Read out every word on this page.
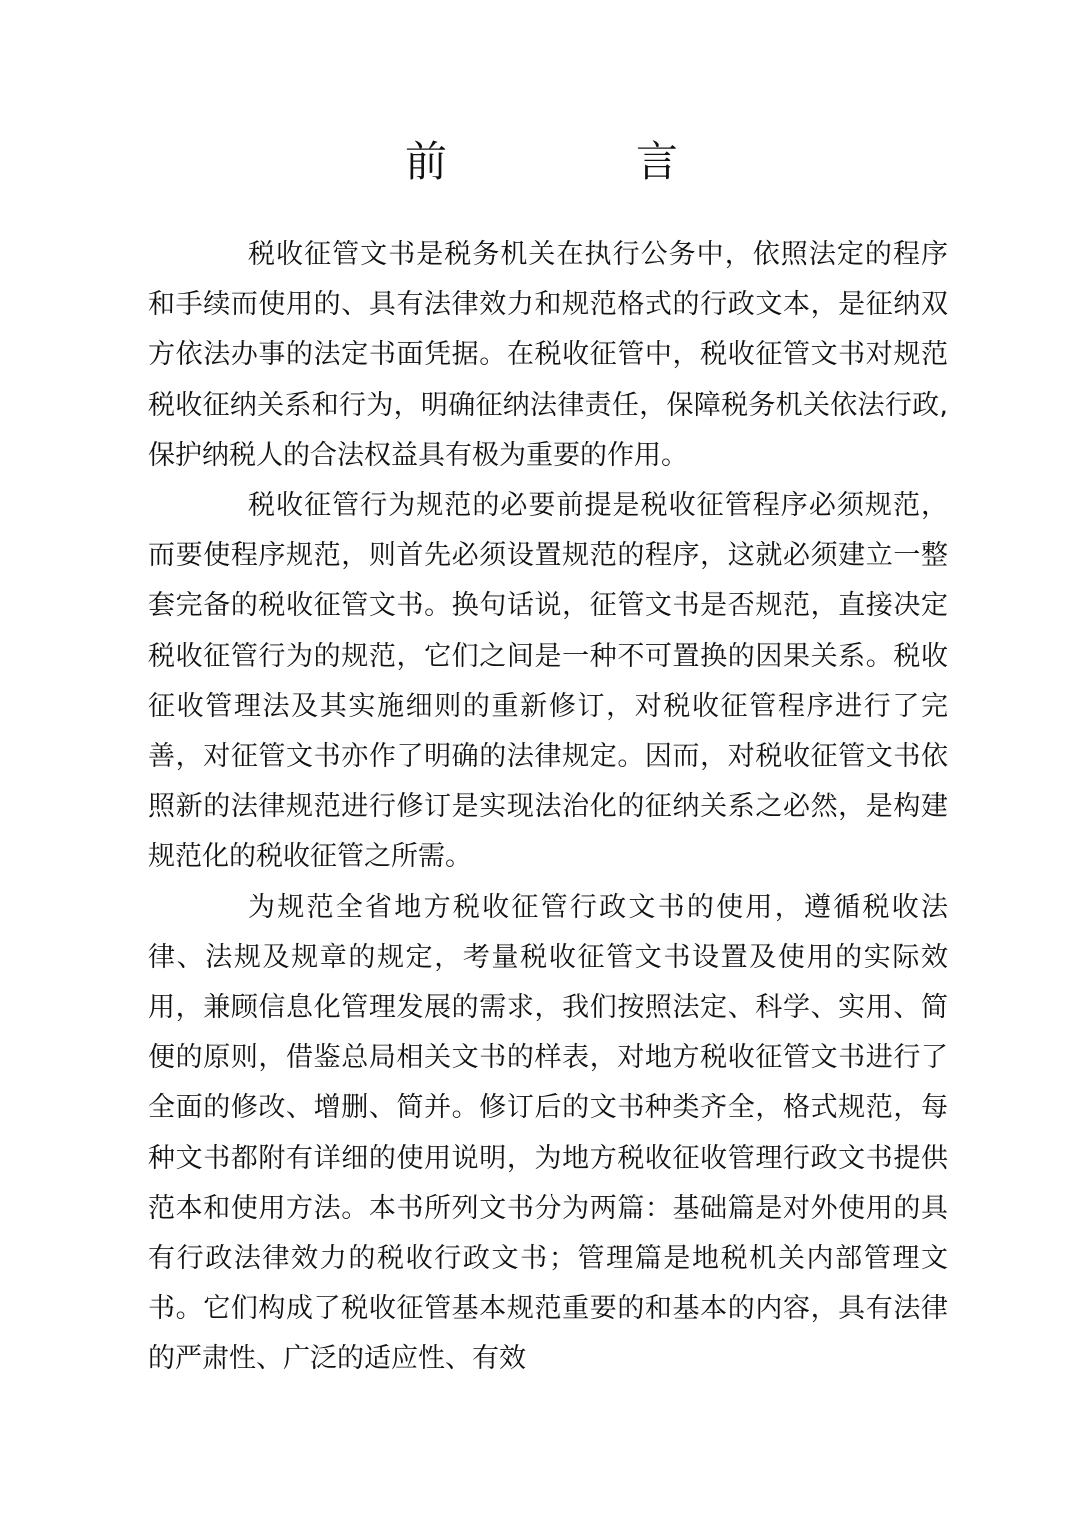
前	言

税收征管文书是税务机关在执行公务中，依照法定的程序和手续而使用的、具有法律效力和规范格式的行政文本，是征纳双方依法办事的法定书面凭据。在税收征管中，税收征管文书对规范税收征纳关系和行为，明确征纳法律责任，保障税务机关依法行政,保护纳税人的合法权益具有极为重要的作用。

税收征管行为规范的必要前提是税收征管程序必须规范，而要使程序规范，则首先必须设置规范的程序，这就必须建立一整套完备的税收征管文书。换句话说，征管文书是否规范，直接决定税收征管行为的规范，它们之间是一种不可置换的因果关系。税收征收管理法及其实施细则的重新修订，对税收征管程序进行了完善，对征管文书亦作了明确的法律规定。因而，对税收征管文书依照新的法律规范进行修订是实现法治化的征纳关系之必然，是构建规范化的税收征管之所需。

为规范全省地方税收征管行政文书的使用，遵循税收法律、法规及规章的规定，考量税收征管文书设置及使用的实际效用，兼顾信息化管理发展的需求，我们按照法定、科学、实用、简便的原则，借鉴总局相关文书的样表，对地方税收征管文书进行了全面的修改、增删、简并。修订后的文书种类齐全，格式规范，每种文书都附有详细的使用说明，为地方税收征收管理行政文书提供范本和使用方法。本书所列文书分为两篇：基础篇是对外使用的具有行政法律效力的税收行政文书；管理篇是地税机关内部管理文书。它们构成了税收征管基本规范重要的和基本的内容，具有法律的严肃性、广泛的适应性、有效
